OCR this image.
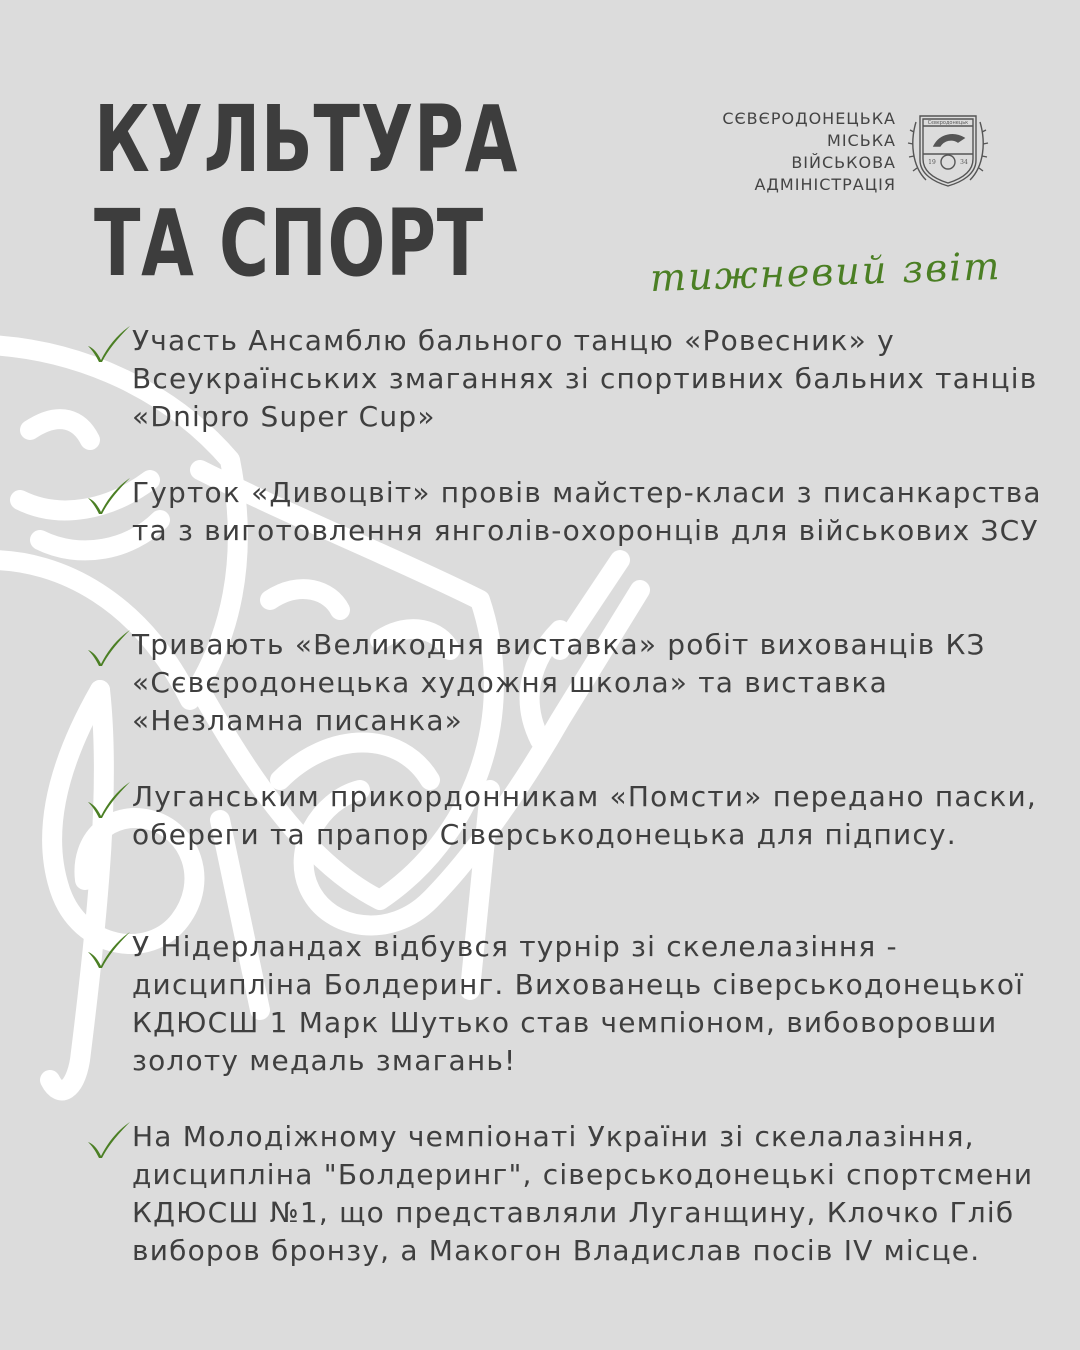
КУЛЬТУРА
ТА СПОРТ
СЄВЄРОДОНЕЦЬКА
МІСЬКА
ВІЙСЬКОВА
АДМІНІСТРАЦІЯ
Сєвєродонецьк
19	34
тижневий звіт
Участь Ансамблю бального танцю «Ровесник» у Всеукраїнських змаганнях зі спортивних бальних танців «Dnipro Super Cup»
Гурток «Дивоцвіт» провів майстер-класи з писанкарства та з виготовлення янголів-охоронців для військових ЗСУ
Тривають «Великодня виставка» робіт вихованців КЗ «Сєвєродонецька художня школа» та виставка «Незламна писанка»
Луганським прикордонникам «Помсти» передано паски, обереги та прапор Сіверськодонецька для підпису.
У Нідерландах відбувся турнір зі скелелазіння - дисципліна Болдеринг. Вихованець сіверськодонецької КДЮСШ 1 Марк Шутько став чемпіоном, вибоворовши золоту медаль змагань!
На Молодіжному чемпіонаті України зі скелалазіння, дисципліна "Болдеринг", сіверськодонецькі спортсмени КДЮСШ №1, що представляли Луганщину, Клочко Гліб виборов бронзу, а Макогон Владислав посів IV місце.
